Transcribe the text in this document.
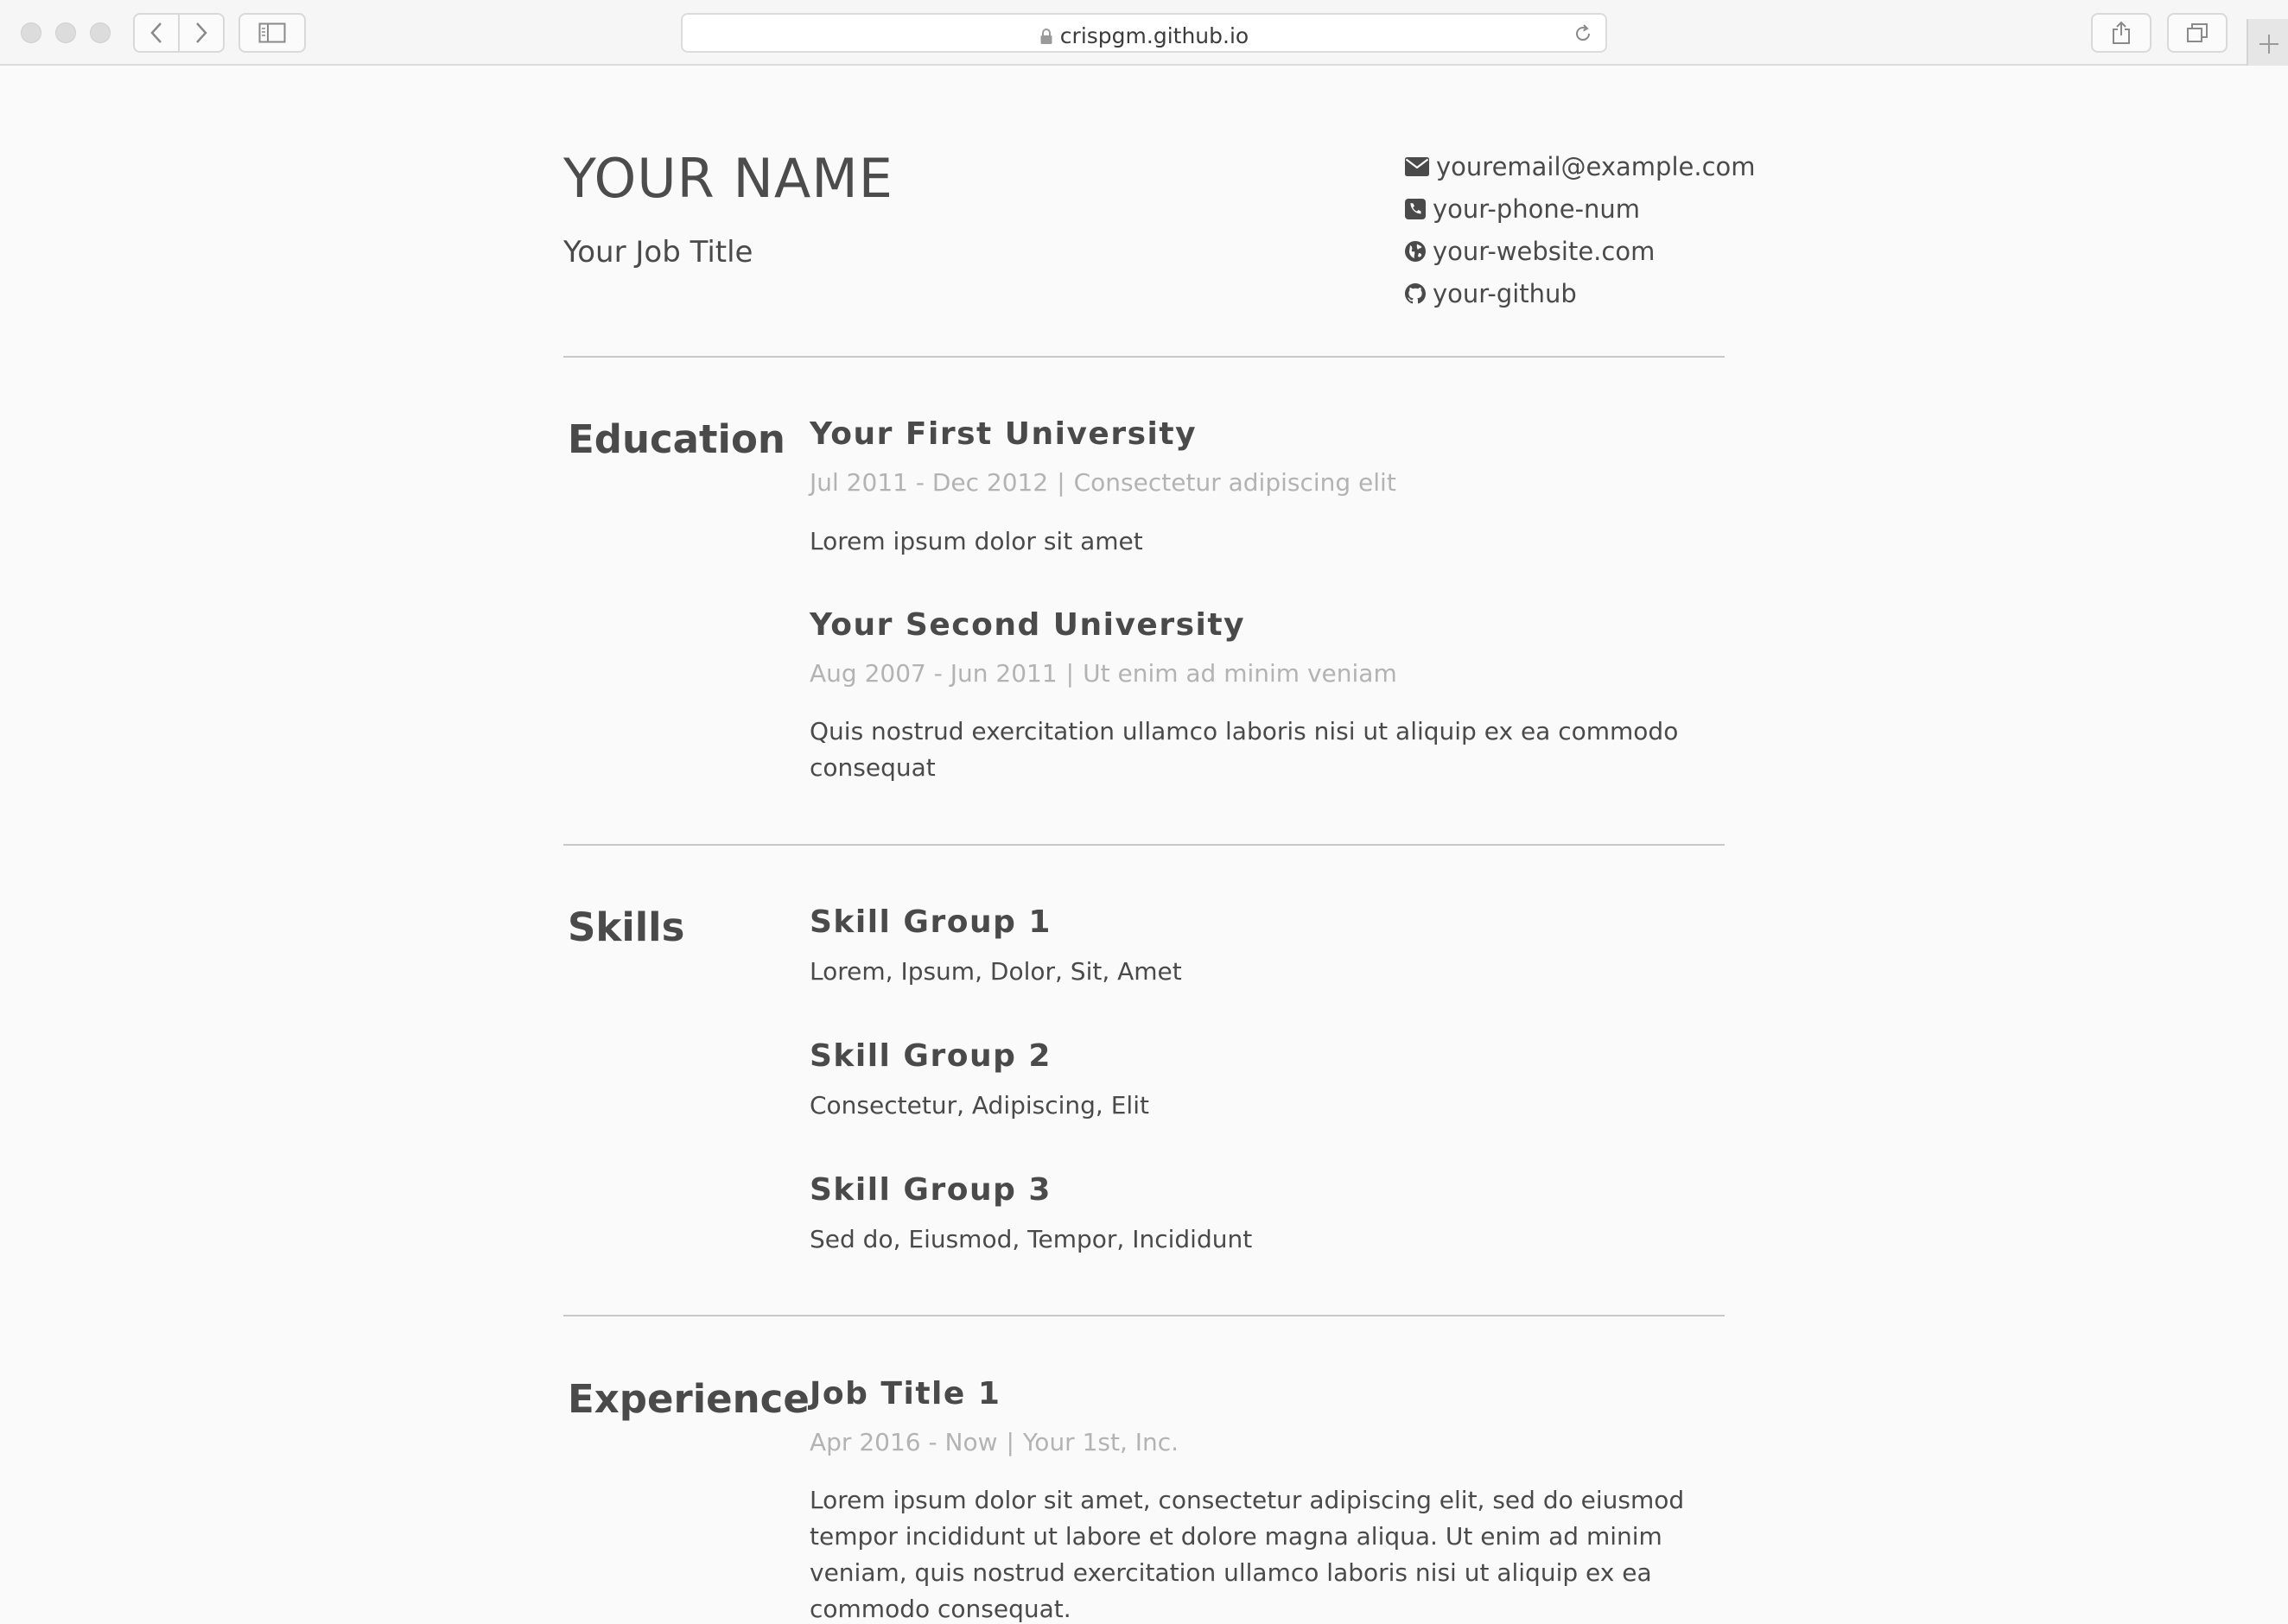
crispgm.github.io
YOUR NAME
Your Job Title
youremail@example.com
your-phone-num
your-website.com
your-github
Education Your First University
Jul 2011 - Dec 2012 | Consectetur adipiscing elit

Lorem ipsum dolor sit amet

Your Second University
Aug 2007 - Jun 2011 | Ut enim ad minim veniam

Quis nostrud exercitation ullamco laboris nisi ut aliquip ex ea commodo consequat

Skills	Skill Group 1

Lorem, Ipsum, Dolor, Sit, Amet

Skill Group 2

Consectetur, Adipiscing, Elit

Skill Group 3

Sed do, Eiusmod, Tempor, Incididunt

Experience Job Title 1
Apr 2016 - Now | Your 1st, Inc.

Lorem ipsum dolor sit amet, consectetur adipiscing elit, sed do eiusmod tempor incididunt ut labore et dolore magna aliqua. Ut enim ad minim veniam, quis nostrud exercitation ullamco laboris nisi ut aliquip ex ea commodo consequat.
